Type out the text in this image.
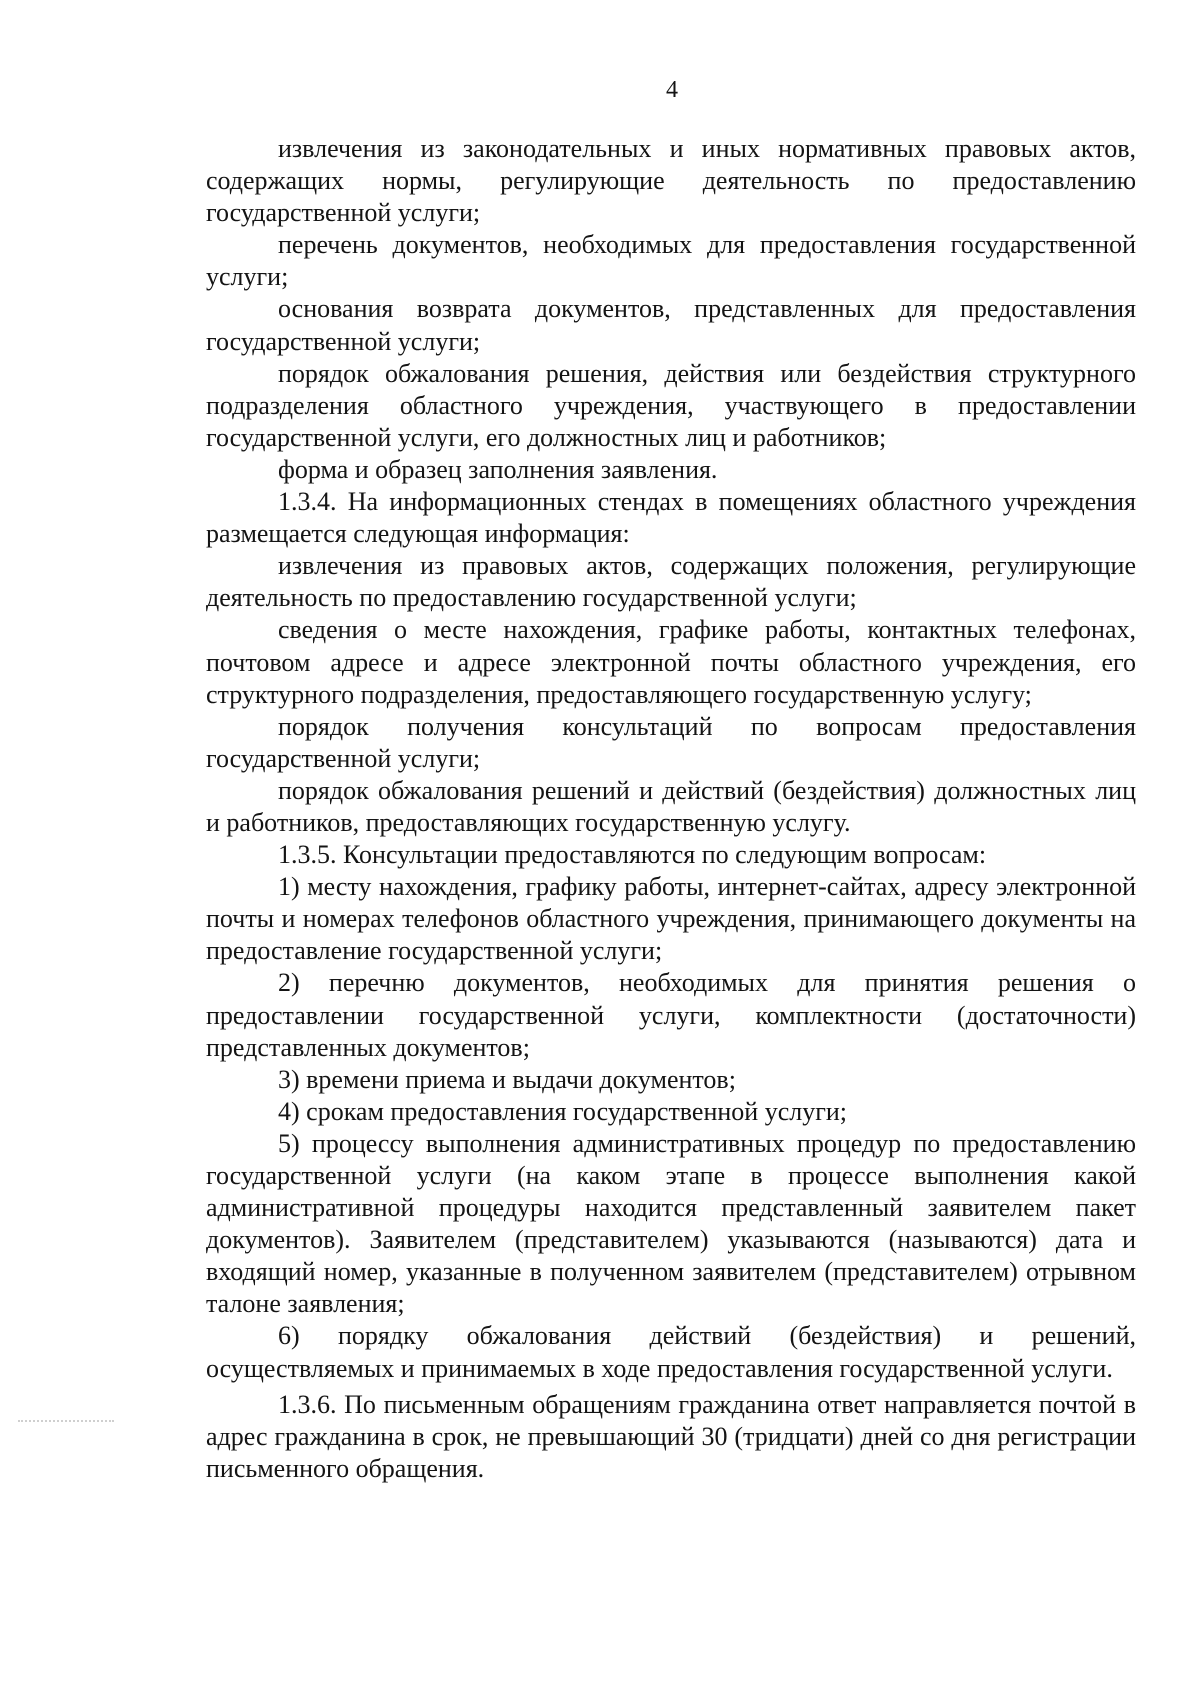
4

извлечения из законодательных и иных нормативных правовых актов, содержащих нормы, регулирующие деятельность по предоставлению государственной услуги;

перечень документов, необходимых для предоставления государственной услуги;

основания возврата документов, представленных для предоставления государственной услуги;

порядок обжалования решения, действия или бездействия структурного подразделения областного учреждения, участвующего в предоставлении государственной услуги, его должностных лиц и работников;

форма и образец заполнения заявления.

1.3.4. На информационных стендах в помещениях областного учреждения размещается следующая информация:

извлечения из правовых актов, содержащих положения, регулирующие деятельность по предоставлению государственной услуги;

сведения о месте нахождения, графике работы, контактных телефонах, почтовом адресе и адресе электронной почты областного учреждения, его структурного подразделения, предоставляющего государственную услугу;

порядок получения консультаций по вопросам предоставления государственной услуги;

порядок обжалования решений и действий (бездействия) должностных лиц и работников, предоставляющих государственную услугу.

1.3.5. Консультации предоставляются по следующим вопросам:

1) месту нахождения, графику работы, интернет-сайтах, адресу электронной почты и номерах телефонов областного учреждения, принимающего документы на предоставление государственной услуги;

2) перечню документов, необходимых для принятия решения о предоставлении государственной услуги, комплектности (достаточности) представленных документов;

3) времени приема и выдачи документов;

4) срокам предоставления государственной услуги;

5) процессу выполнения административных процедур по предоставлению государственной услуги (на каком этапе в процессе выполнения какой административной процедуры находится представленный заявителем пакет документов). Заявителем (представителем) указываются (называются) дата и входящий номер, указанные в полученном заявителем (представителем) отрывном талоне заявления;

6) порядку обжалования действий (бездействия) и решений, осуществляемых и принимаемых в ходе предоставления государственной услуги.

1.3.6. По письменным обращениям гражданина ответ направляется почтой в адрес гражданина в срок, не превышающий 30 (тридцати) дней со дня регистрации письменного обращения.
